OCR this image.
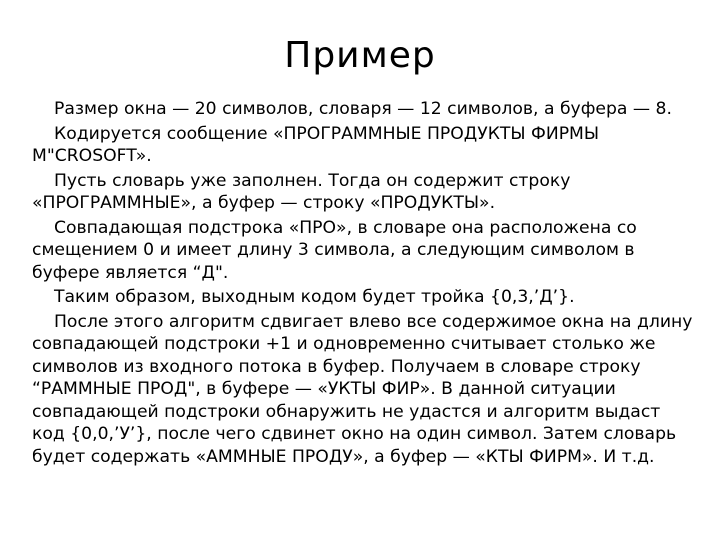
Пример

Размер окна — 20 символов, словаря — 12 символов, а буфера — 8.

Кодируется сообщение «ПРОГРАММНЫЕ ПРОДУКТЫ ФИРМЫ M"CROSOFT».

Пусть словарь уже заполнен. Тогда он содержит строку «ПРОГРАММНЫЕ», а буфер — строку «ПРОДУКТЫ».

Совпадающая подстрока «ПРО», в словаре она расположена со смещением 0 и имеет длину 3 символа, а следующим символом в буфере является “Д".

Таким образом, выходным кодом будет тройка {0,3,’Д’}.

После этого алгоритм сдвигает влево все содержимое окна на длину совпадающей подстроки +1 и одновременно считывает столько же символов из входного потока в буфер. Получаем в словаре строку “РАММНЫЕ ПРОД", в буфере — «УКТЫ ФИР». В данной ситуации совпадающей подстроки обнаружить не удастся и алгоритм выдаст код {0,0,’У’}, после чего сдвинет окно на один символ. Затем словарь будет содержать «АММНЫЕ ПРОДУ», а буфер — «КТЫ ФИРМ». И т.д.
